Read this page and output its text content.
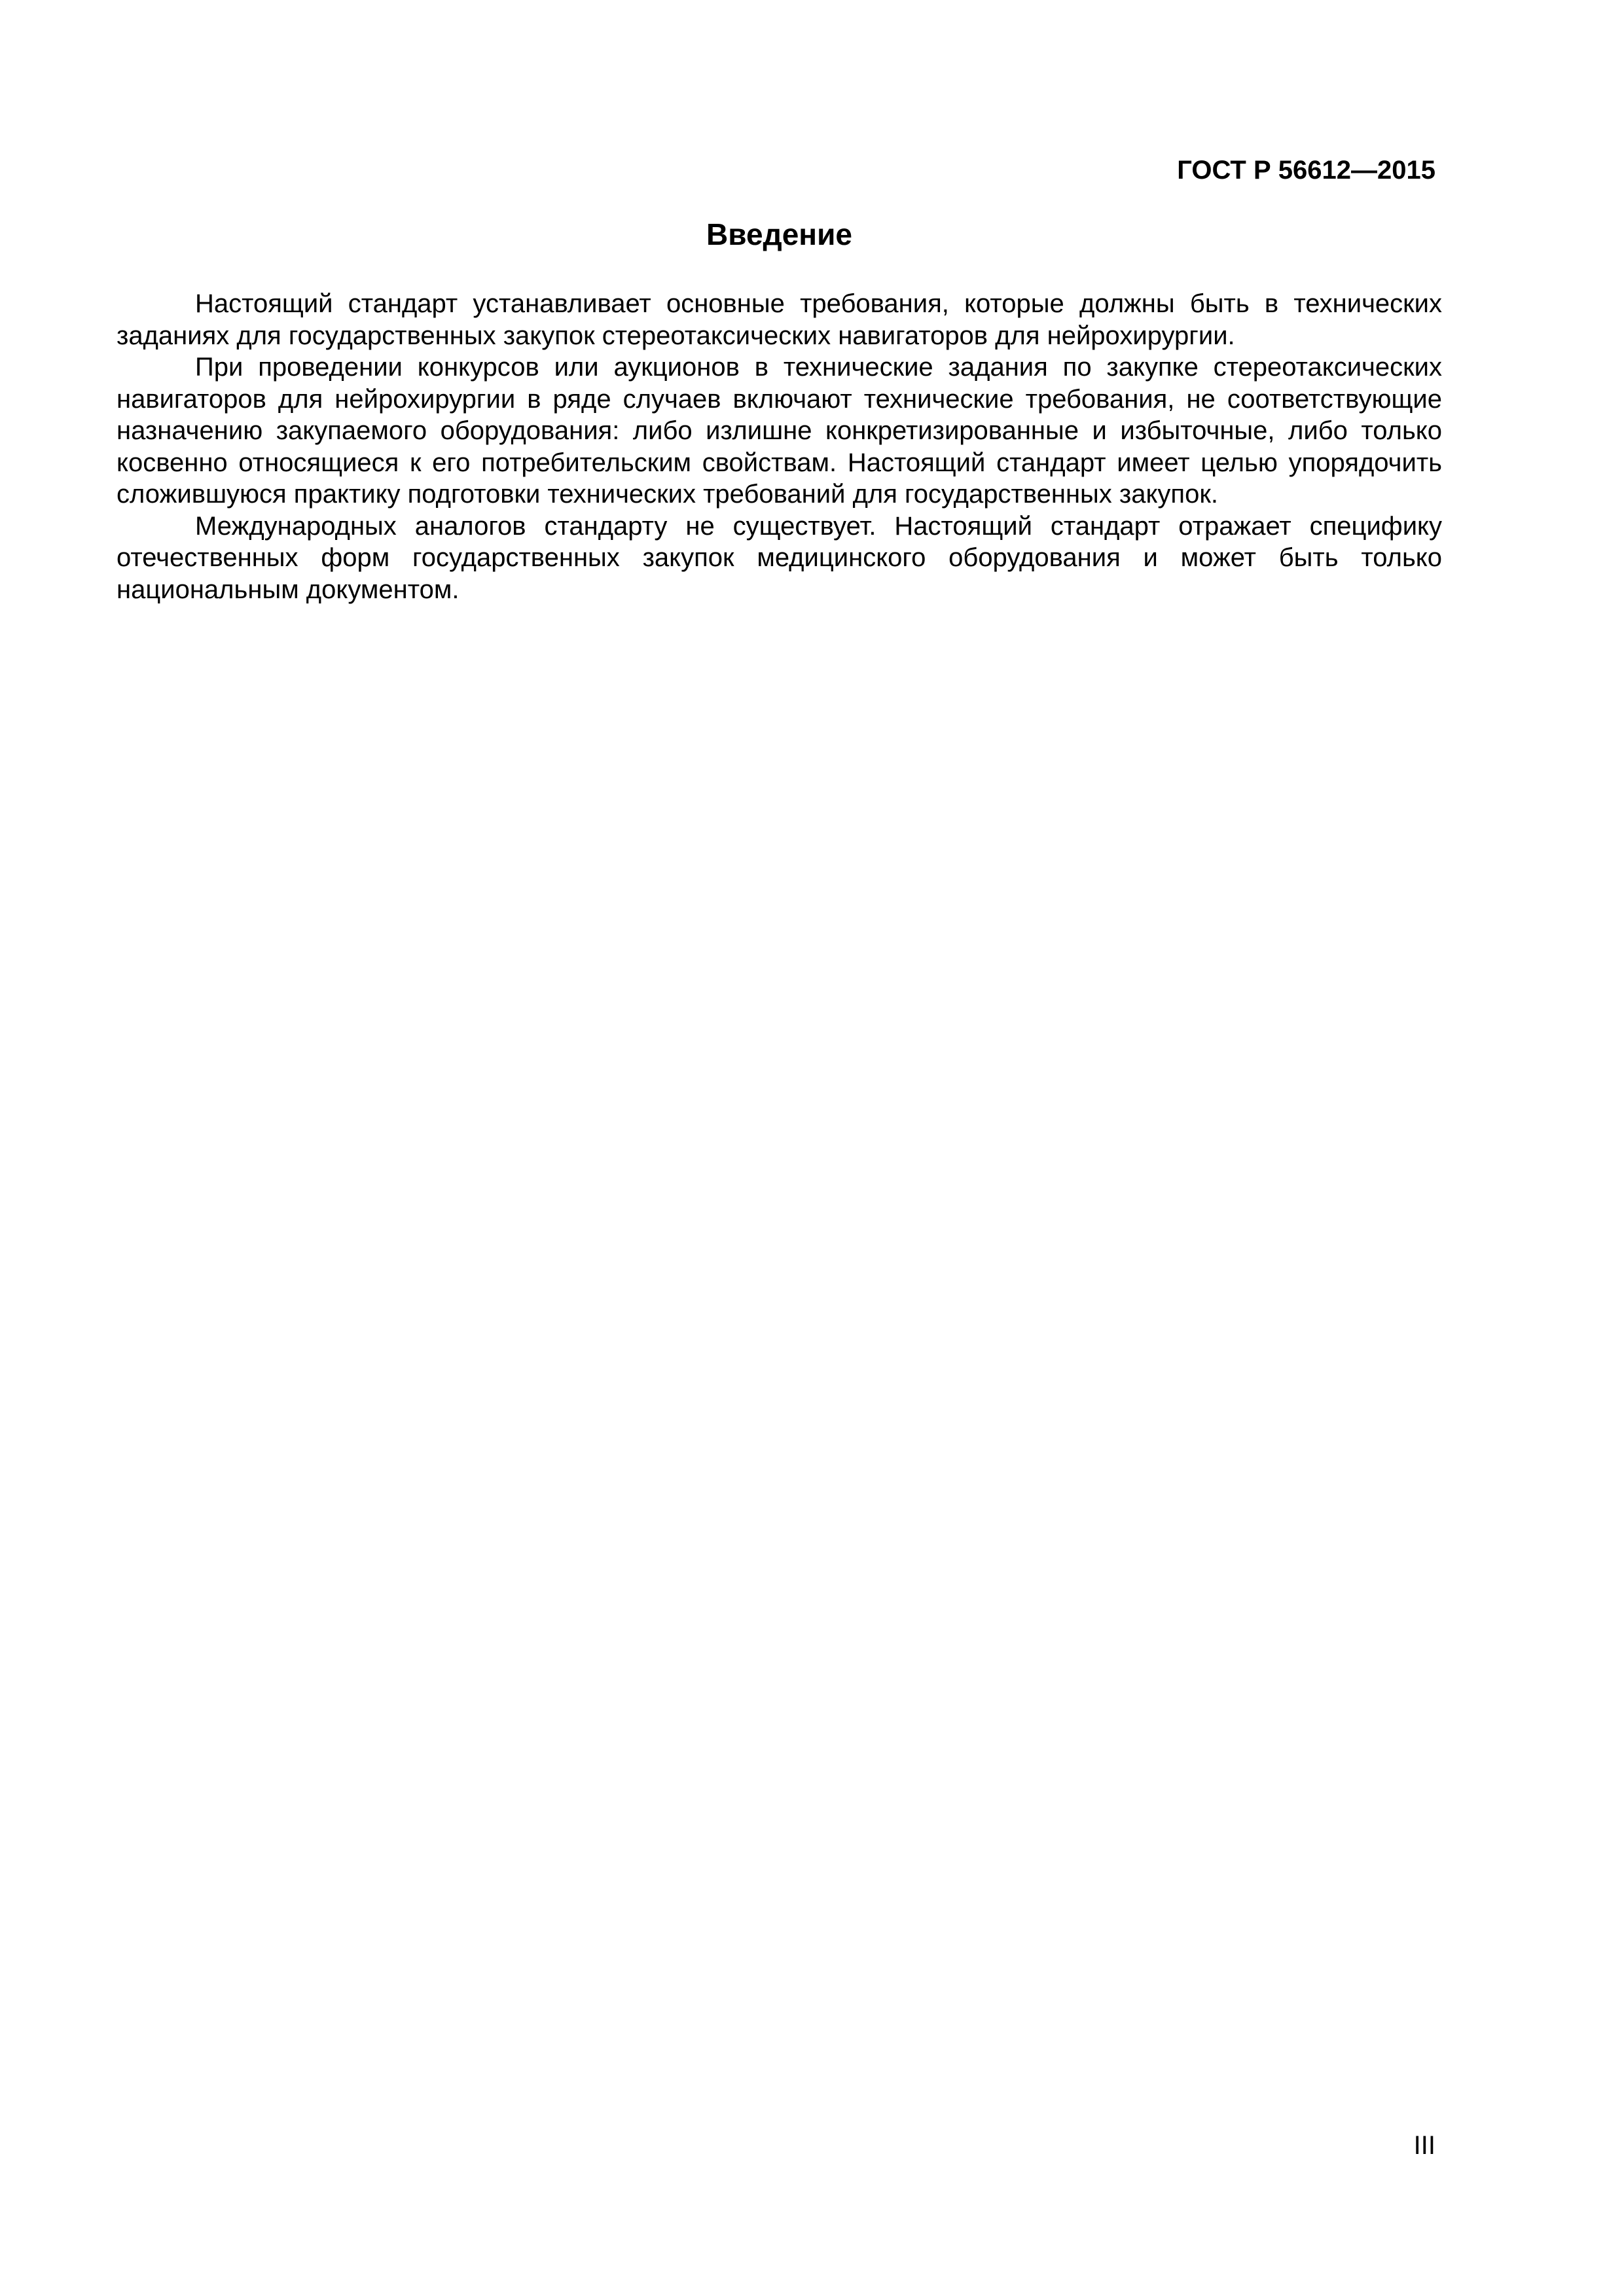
ГОСТ Р 56612—2015
Введение

Настоящий стандарт устанавливает основные требования, которые должны быть в технических заданиях для государственных закупок стереотаксических навигаторов для нейрохирургии.

При проведении конкурсов или аукционов в технические задания по закупке стереотаксических навигаторов для нейрохирургии в ряде случаев включают технические требования, не соответствующие назначению закупаемого оборудования: либо излишне конкретизированные и избыточные, либо только косвенно относящиеся к его потребительским свойствам. Настоящий стандарт имеет целью упорядочить сложившуюся практику подготовки технических требований для государственных закупок.

Международных аналогов стандарту не существует. Настоящий стандарт отражает специфику отечественных форм государственных закупок медицинского оборудования и может быть только национальным документом.

III
